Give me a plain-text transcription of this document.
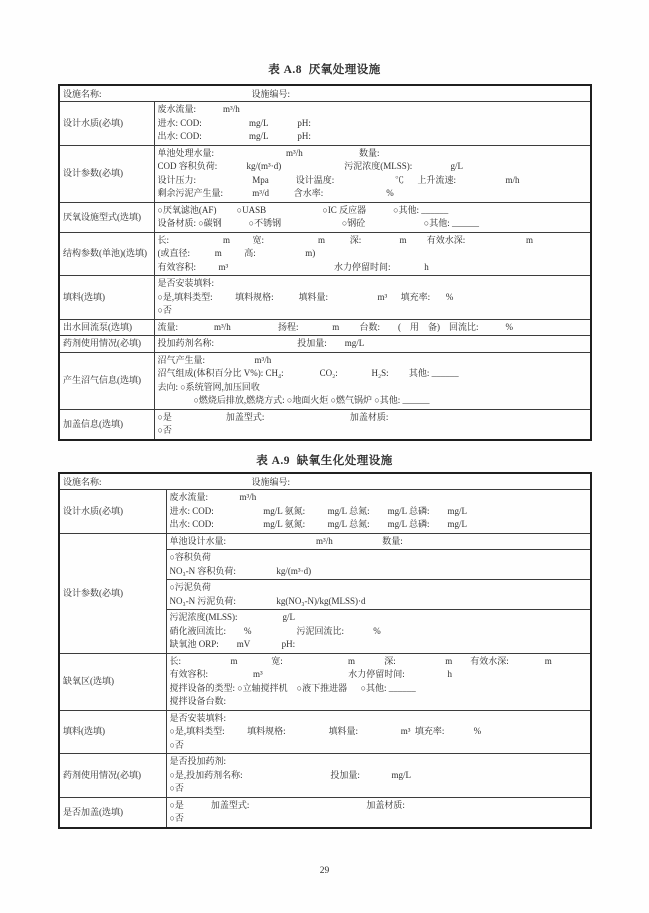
表 A.8  厌氧处理设施
设施名称: 设施编号:	
设计水质(必填)	废水流量:            m³/h
进水: COD:                     mg/L             pH:
出水: COD:                     mg/L             pH:

设计参数(必填)	单池处理水量:                                m³/h                         数量:
COD 容积负荷:             kg/(m³·d)                            污泥浓度(MLSS):                 g/L
设计压力:                         Mpa            设计温度:                           ℃      上升流速:                      m/h
剩余污泥产生量:             m³/d           含水率:                            %

厌氧设施型式(选填)	○厌氧滤池(AF)         ○UASB                         ○IC 反应器            ○其他: ______
设备材质: ○碳钢            ○不锈钢                           ○钢砼                          ○其他: ______

结构参数(单池)(选填)	长:                        m          宽:                        m           深:                 m         有效水深:                           m
(或直径:           m          高:                      m)
有效容积:          m³                                               水力停留时间:               h

填料(选填)	是否安装填料:
○是,填料类型:          填料规格:           填料量:                      m³      填充率:       %
○否

出水回流泵(选填)	流量:                m³/h                     扬程:               m         台数:        (    用    备)    回流比:            %

药剂使用情况(必填)	投加药剂名称:                                     投加量:        mg/L

产生沼气信息(选填)	沼气产生量:                      m³/h
沼气组成(体积百分比 V%): CH₄:                CO₂:               H₂S:         其他: ______
去向: ○系统管网,加压回收
○燃烧后排放,燃烧方式: ○地面火炬 ○燃气锅炉 ○其他: ______

加盖信息(选填)	○是                        加盖型式:                                      加盖材质:
○否
表 A.9  缺氧生化处理设施
设施名称: 设施编号:	
设计水质(必填)	废水流量:              m³/h
进水: COD:                      mg/L 氨氮:          mg/L 总氮:        mg/L 总磷:        mg/L
出水: COD:                      mg/L 氨氮:          mg/L 总氮:        mg/L 总磷:        mg/L

设计参数(必填)	单池设计水量:                                        m³/h                      数量:

	○容积负荷
NO₃-N 容积负荷:                  kg/(m³·d)

	○污泥负荷
NO₃-N 污泥负荷:                  kg(NO₃-N)/kg(MLSS)·d

	污泥浓度(MLSS):                    g/L
硝化液回流比:        %                    污泥回流比:             %
缺氧池 ORP:        mV              pH:

缺氧区(选填)	长:                      m               宽:                             m             深:                      m        有效水深:                m
有效容积:                    m³                                      水力停留时间:                   h
搅拌设备的类型: ○立轴搅拌机    ○液下推进器      ○其他: ______
搅拌设备台数:

填料(选填)	是否安装填料:
○是,填料类型:          填料规格:                   填料量:                   m³  填充率:             %
○否

药剂使用情况(必填)	是否投加药剂:
○是,投加药剂名称:                                       投加量:              mg/L
○否

是否加盖(选填)	○是            加盖型式:                                                    加盖材质:
○否
29
